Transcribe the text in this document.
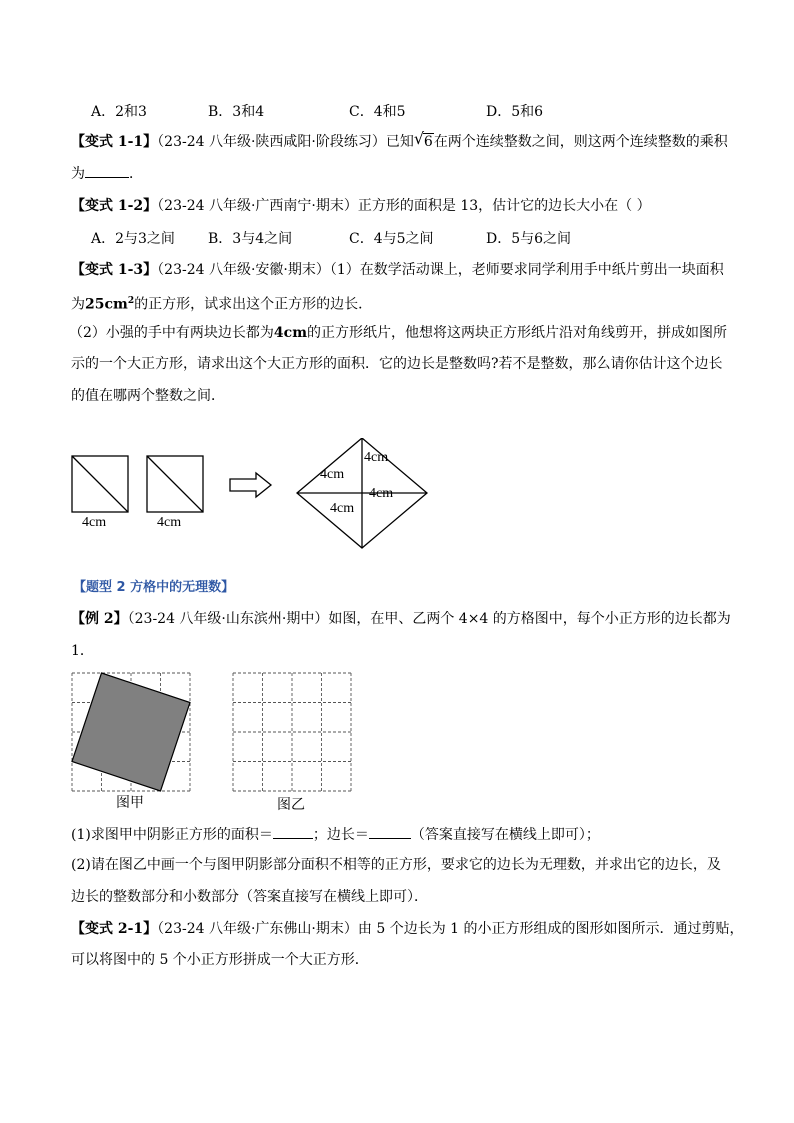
A．2和3	B．3和4	C．4和5	D．5和6
【变式 1-1】（23-24 八年级·陕西咸阳·阶段练习）已知 √ 6在两个连续整数之间，则这两个连续整数的乘积
为	．
【变式 1-2】（23-24 八年级·广西南宁·期末）正方形的面积是 13，估计它的边长大小在（ ）
A．2与3之间 B．3与4之间	C．4与5之间	D．5与6之间
【变式 1-3】（23-24 八年级·安徽·期末）（1）在数学活动课上，老师要求同学利用手中纸片剪出一块面积
为$25cm^2$的正方形，试求出这个正方形的边长．
（2）小强的手中有两块边长都为4cm的正方形纸片，他想将这两块正方形纸片沿对角线剪开，拼成如图所
示的一个大正方形，请求出这个大正方形的面积．它的边长是整数吗?若不是整数，那么请你估计这个边长
的值在哪两个整数之间．
4cm	4cm
4cm
4cm
4cm
4cm
【题型 2 方格中的无理数】
【例 2】（23-24 八年级·山东滨州·期中）如图，在甲、乙两个 4×4 的方格图中，每个小正方形的边长都为
1．
图甲	图乙
(1)求图甲中阴影正方形的面积＝	；边长＝	（答案直接写在横线上即可）；
(2)请在图乙中画一个与图甲阴影部分面积不相等的正方形，要求它的边长为无理数，并求出它的边长，及
边长的整数部分和小数部分（答案直接写在横线上即可）．
【变式 2-1】（23-24 八年级·广东佛山·期末）由 5 个边长为 1 的小正方形组成的图形如图所示．通过剪贴，
可以将图中的 5 个小正方形拼成一个大正方形．
